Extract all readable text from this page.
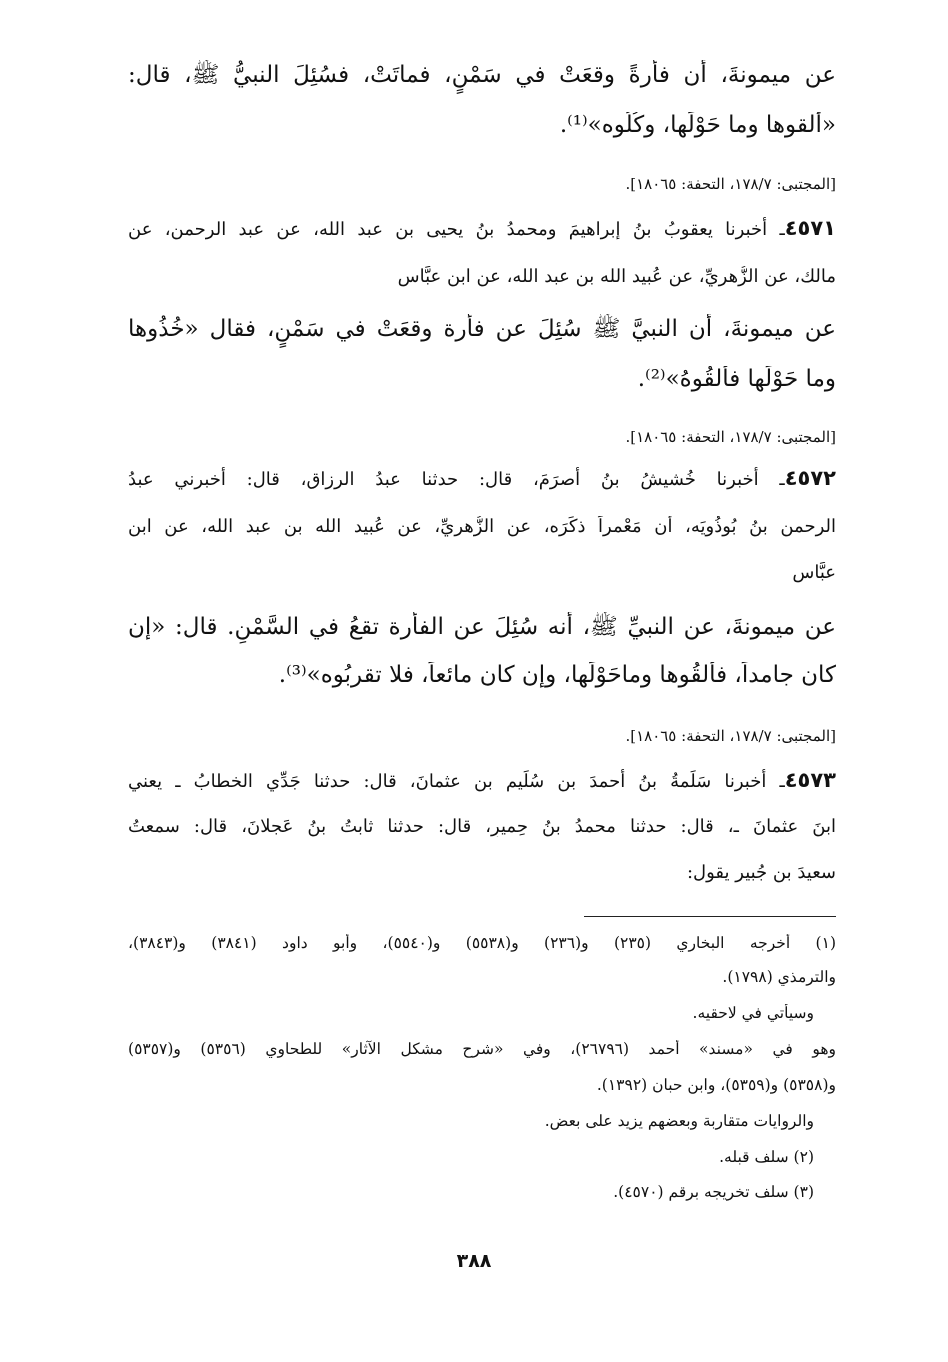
عن ميمونةَ، أن فأرةً وقعَتْ في سَمْنٍ، فماتَتْ، فسُئِلَ النبيُّ ﷺ، قال:
«ألقوها وما حَوْلَها، وكُلُوه»⁽¹⁾.
[المجتبى: ١٧٨/٧، التحفة: ١٨٠٦٥].
٤٥٧١ـ أخبرنا يعقوبُ بنُ إبراهيمَ ومحمدُ بنُ يحيى بن عبد الله، عن عبد الرحمن، عن
مالك، عن الزُّهريِّ، عن عُبيد الله بن عبد الله، عن ابن عبَّاس
عن ميمونةَ، أن النبيَّ ﷺ سُئِلَ عن فأرة وقعَتْ في سَمْنٍ، فقال «خُذُوها
وما حَوْلَها فألقُوهُ»⁽²⁾.
[المجتبى: ١٧٨/٧، التحفة: ١٨٠٦٥].
٤٥٧٢ـ أخبرنا خُشيشُ بنُ أصرَمَ، قال: حدثنا عبدُ الرزاق، قال: أخبرني عبدُ
الرحمن بنُ بُوذُويَه، أن مَعْمراً ذكَرَه، عن الزُّهريِّ، عن عُبيد الله بن عبد الله، عن ابن
عبَّاس
عن ميمونةَ، عن النبيِّ ﷺ، أنه سُئِلَ عن الفأرة تقعُ في السَّمْنِ. قال: «إن
كان جامداً، فألقُوها وماحَوْلَها، وإن كان مائعاً، فلا تقربُوه»⁽³⁾.
[المجتبى: ١٧٨/٧، التحفة: ١٨٠٦٥].
٤٥٧٣ـ أخبرنا سَلَمةُ بنُ أحمدَ بن سُلَيم بن عثمانَ، قال: حدثنا جَدِّي الخطابُ ـ يعني
ابنَ عثمانَ ـ، قال: حدثنا محمدُ بنُ حِميرٍ، قال: حدثنا ثابتُ بنُ عَجلانَ، قال: سمعتُ
سعيدَ بن جُبير يقول:
(١) أخرجه البخاري (٢٣٥) و(٢٣٦) و(٥٥٣٨) و(٥٥٤٠)، وأبو داود (٣٨٤١) و(٣٨٤٣)،
والترمذي (١٧٩٨).
وسيأتي في لاحقيه.
وهو في «مسند» أحمد (٢٦٧٩٦)، وفي «شرح مشكل الآثار» للطحاوي (٥٣٥٦) و(٥٣٥٧)
و(٥٣٥٨) و(٥٣٥٩)، وابن حبان (١٣٩٢).
والروايات متقاربة وبعضهم يزيد على بعض.
(٢) سلف قبله.
(٣) سلف تخريجه برقم (٤٥٧٠).
٣٨٨
